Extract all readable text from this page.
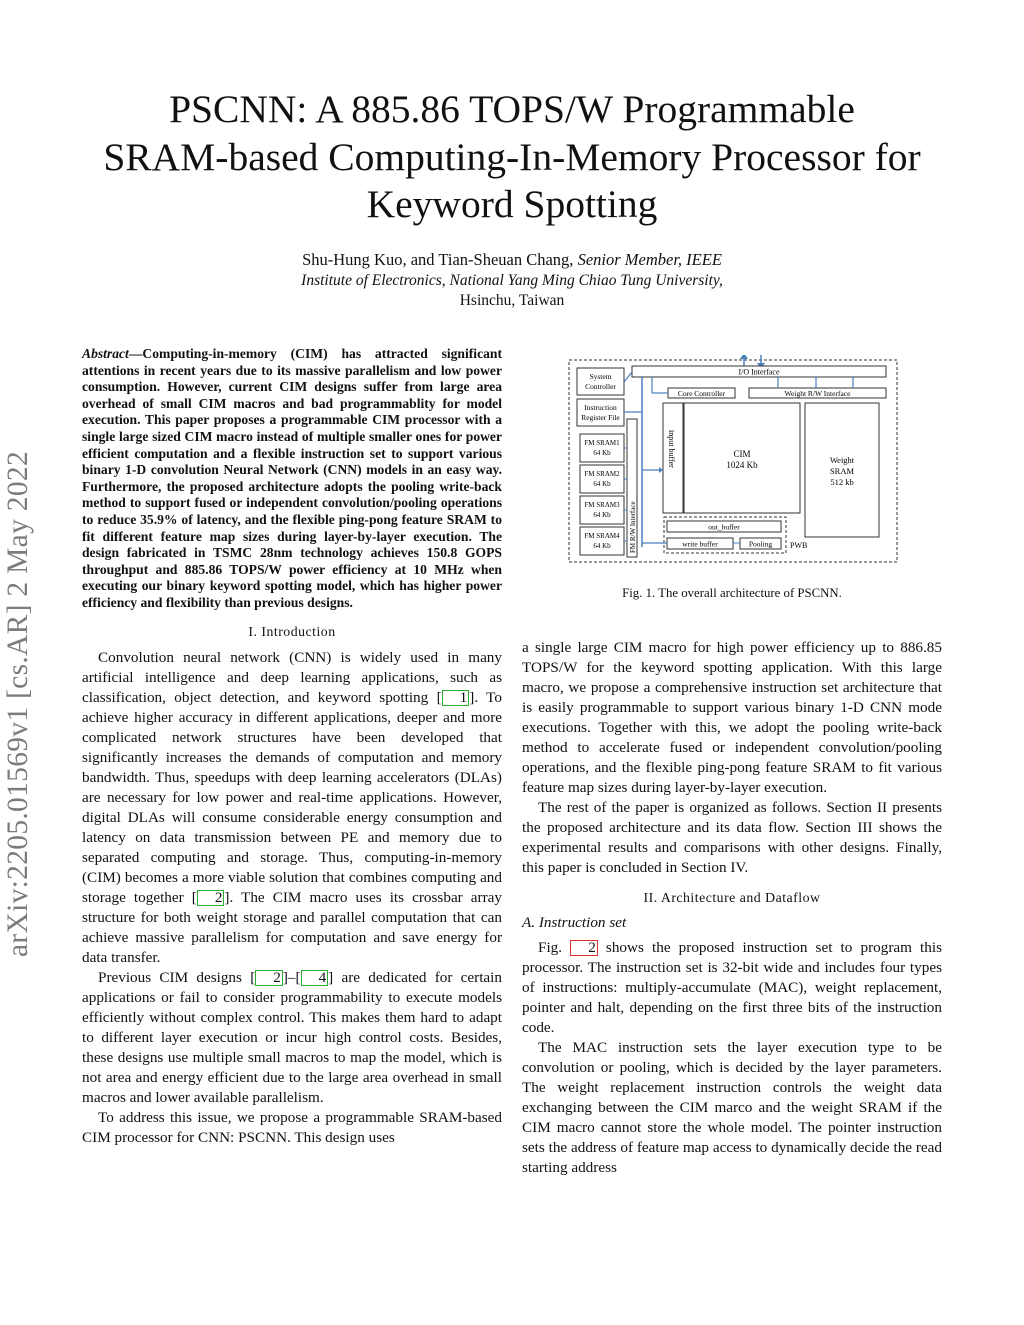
arXiv:2205.01569v1 [cs.AR] 2 May 2022
PSCNN: A 885.86 TOPS/W Programmable
SRAM-based Computing-In-Memory Processor for
Keyword Spotting
Shu-Hung Kuo, and Tian-Sheuan Chang, Senior Member, IEEE
Institute of Electronics, National Yang Ming Chiao Tung University,
Hsinchu, Taiwan

Abstract—Computing-in-memory (CIM) has attracted significant attentions in recent years due to its massive parallelism and low power consumption. However, current CIM designs suffer from large area overhead of small CIM macros and bad programmablity for model execution. This paper proposes a programmable CIM processor with a single large sized CIM macro instead of multiple smaller ones for power efficient computation and a flexible instruction set to support various binary 1-D convolution Neural Network (CNN) models in an easy way. Furthermore, the proposed architecture adopts the pooling write-back method to support fused or independent convolution/pooling operations to reduce 35.9% of latency, and the flexible ping-pong feature SRAM to fit different feature map sizes during layer-by-layer execution. The design fabricated in TSMC 28nm technology achieves 150.8 GOPS throughput and 885.86 TOPS/W power efficiency at 10 MHz when executing our binary keyword spotting model, which has higher power efficiency and flexibility than previous designs.

I. Introduction

Convolution neural network (CNN) is widely used in many artificial intelligence and deep learning applications, such as classification, object detection, and keyword spotting [ 1 ]. To achieve higher accuracy in different applications, deeper and more complicated network structures have been developed that significantly increases the demands of computation and memory bandwidth. Thus, speedups with deep learning accelerators (DLAs) are necessary for low power and real-time applications. However, digital DLAs will consume considerable energy consumption and latency on data transmission between PE and memory due to separated computing and storage. Thus, computing-in-memory (CIM) becomes a more viable solution that combines computing and storage together [ 2 ]. The CIM macro uses its crossbar array structure for both weight storage and parallel computation that can achieve massive parallelism for computation and save energy for data transfer.

Previous CIM designs [ 2 ]–[ 4 ] are dedicated for certain applications or fail to consider programmability to execute models efficiently without complex control. This makes them hard to adapt to different layer execution or incur high control costs. Besides, these designs use multiple small macros to map the model, which is not area and energy efficient due to the large area overhead in small macros and lower available parallelism.

To address this issue, we propose a programmable SRAM-based CIM processor for CNN: PSCNN. This design uses

I/O Interface
System
Controller
Instruction
Register File
Core Controller	Weight R/W Interface
FM SRAM1
64 Kb
FM SRAM2
64 Kb
FM SRAM3
64 Kb
FM SRAM4
64 Kb	FM R/W Interface
input buffer	CIM
1024 Kb	Weight
SRAM
512 kb
PWB
out_buffer
write buffer	Pooling
Fig. 1. The overall architecture of PSCNN.

a single large CIM macro for high power efficiency up to 886.85 TOPS/W for the keyword spotting application. With this large macro, we propose a comprehensive instruction set architecture that is easily programmable to support various binary 1-D CNN mode executions. Together with this, we adopt the pooling write-back method to accelerate fused or independent convolution/pooling operations, and the flexible ping-pong feature SRAM to fit various feature map sizes during layer-by-layer execution.

The rest of the paper is organized as follows. Section II presents the proposed architecture and its data flow. Section III shows the experimental results and comparisons with other designs. Finally, this paper is concluded in Section IV.

II. Architecture and Dataflow
A. Instruction set

Fig. 2 shows the proposed instruction set to program this processor. The instruction set is 32-bit wide and includes four types of instructions: multiply-accumulate (MAC), weight replacement, pointer and halt, depending on the first three bits of the instruction code.

The MAC instruction sets the layer execution type to be convolution or pooling, which is decided by the layer parameters. The weight replacement instruction controls the weight data exchanging between the CIM marco and the weight SRAM if the CIM macro cannot store the whole model. The pointer instruction sets the address of feature map access to dynamically decide the read starting address
